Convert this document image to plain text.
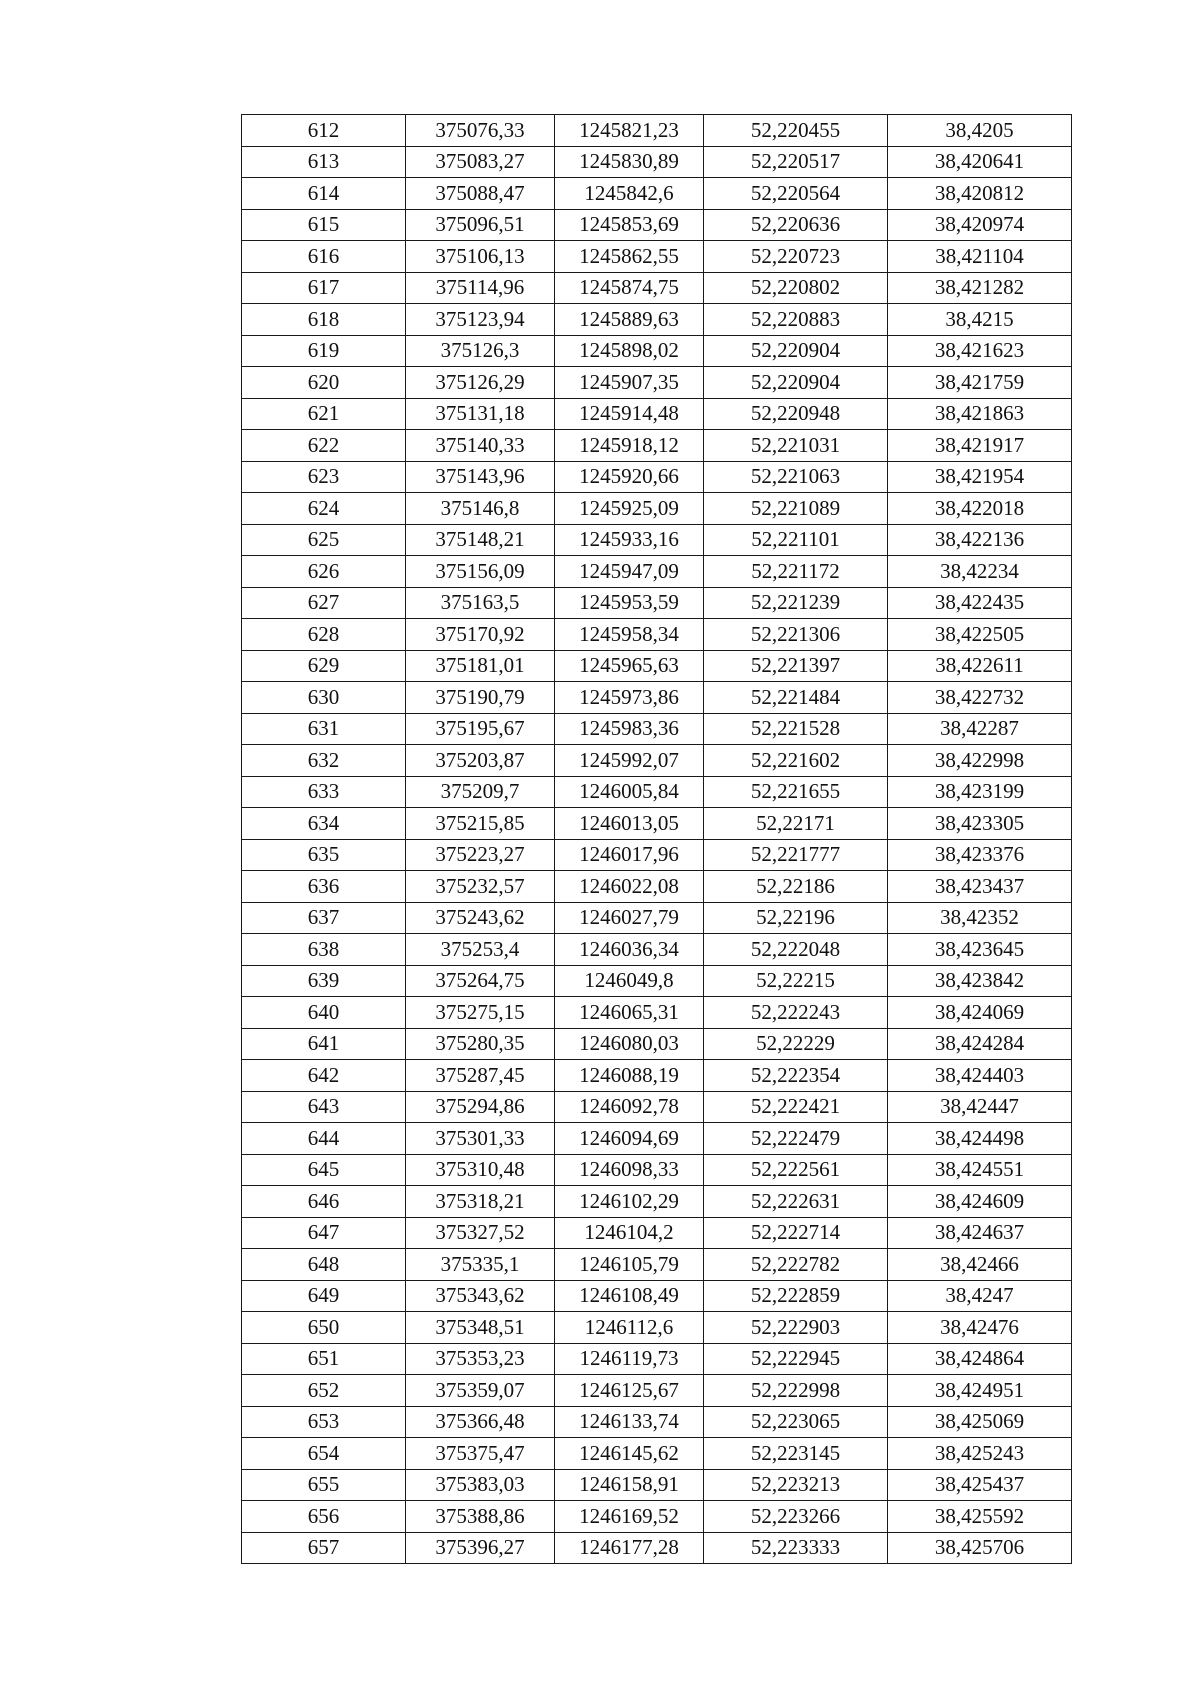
612	375076,33	1245821,23	52,220455	38,4205
613	375083,27	1245830,89	52,220517	38,420641
614	375088,47	1245842,6	52,220564	38,420812
615	375096,51	1245853,69	52,220636	38,420974
616	375106,13	1245862,55	52,220723	38,421104
617	375114,96	1245874,75	52,220802	38,421282
618	375123,94	1245889,63	52,220883	38,4215
619	375126,3	1245898,02	52,220904	38,421623
620	375126,29	1245907,35	52,220904	38,421759
621	375131,18	1245914,48	52,220948	38,421863
622	375140,33	1245918,12	52,221031	38,421917
623	375143,96	1245920,66	52,221063	38,421954
624	375146,8	1245925,09	52,221089	38,422018
625	375148,21	1245933,16	52,221101	38,422136
626	375156,09	1245947,09	52,221172	38,42234
627	375163,5	1245953,59	52,221239	38,422435
628	375170,92	1245958,34	52,221306	38,422505
629	375181,01	1245965,63	52,221397	38,422611
630	375190,79	1245973,86	52,221484	38,422732
631	375195,67	1245983,36	52,221528	38,42287
632	375203,87	1245992,07	52,221602	38,422998
633	375209,7	1246005,84	52,221655	38,423199
634	375215,85	1246013,05	52,22171	38,423305
635	375223,27	1246017,96	52,221777	38,423376
636	375232,57	1246022,08	52,22186	38,423437
637	375243,62	1246027,79	52,22196	38,42352
638	375253,4	1246036,34	52,222048	38,423645
639	375264,75	1246049,8	52,22215	38,423842
640	375275,15	1246065,31	52,222243	38,424069
641	375280,35	1246080,03	52,22229	38,424284
642	375287,45	1246088,19	52,222354	38,424403
643	375294,86	1246092,78	52,222421	38,42447
644	375301,33	1246094,69	52,222479	38,424498
645	375310,48	1246098,33	52,222561	38,424551
646	375318,21	1246102,29	52,222631	38,424609
647	375327,52	1246104,2	52,222714	38,424637
648	375335,1	1246105,79	52,222782	38,42466
649	375343,62	1246108,49	52,222859	38,4247
650	375348,51	1246112,6	52,222903	38,42476
651	375353,23	1246119,73	52,222945	38,424864
652	375359,07	1246125,67	52,222998	38,424951
653	375366,48	1246133,74	52,223065	38,425069
654	375375,47	1246145,62	52,223145	38,425243
655	375383,03	1246158,91	52,223213	38,425437
656	375388,86	1246169,52	52,223266	38,425592
657	375396,27	1246177,28	52,223333	38,425706
